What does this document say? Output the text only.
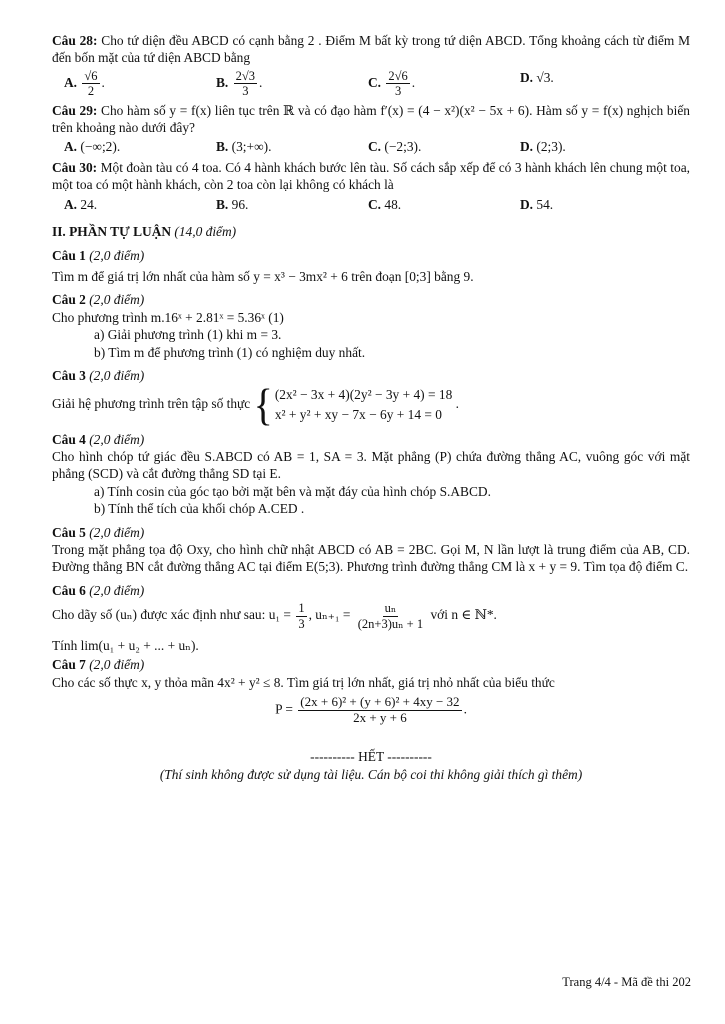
Câu 28: Cho tứ diện đều ABCD có cạnh bằng 2 . Điểm M bất kỳ trong tứ diện ABCD. Tổng khoảng cách từ điểm M đến bốn mặt của tứ diện ABCD bằng
A. $\frac{√6}{2}$ .	B. $\frac{2√3}{3}$ .	C. $\frac{2√6}{3}$ .	D. √3.
Câu 29: Cho hàm số y = f(x) liên tục trên ℝ và có đạo hàm f′(x) = (4 − x²)(x² − 5x + 6). Hàm số y = f(x) nghịch biến trên khoảng nào dưới đây?
A. (−∞;2).	B. (3;+∞).	C. (−2;3).	D. (2;3).
Câu 30: Một đoàn tàu có 4 toa. Có 4 hành khách bước lên tàu. Số cách sắp xếp để có 3 hành khách lên chung một toa, một toa có một hành khách, còn 2 toa còn lại không có khách là
A. 24.	B. 96.	C. 48.	D. 54.
II. PHẦN TỰ LUẬN (14,0 điểm)
Câu 1 (2,0 điểm)
Tìm m để giá trị lớn nhất của hàm số y = x³ − 3mx² + 6 trên đoạn [0;3] bằng 9.
Câu 2 (2,0 điểm)
Cho phương trình m.16ˣ + 2.81ˣ = 5.36ˣ (1)
a) Giải phương trình (1) khi m = 3.
b) Tìm m để phương trình (1) có nghiệm duy nhất.
Câu 3 (2,0 điểm)
Giải hệ phương trình trên tập số thực { (2x² − 3x + 4)(2y² − 3y + 4) = 18
x² + y² + xy − 7x − 6y + 14 = 0
.
Câu 4 (2,0 điểm)
Cho hình chóp tứ giác đều S.ABCD có AB = 1, SA = 3. Mặt phẳng (P) chứa đường thẳng AC, vuông góc với mặt phẳng (SCD) và cắt đường thẳng SD tại E.
a) Tính cosin của góc tạo bởi mặt bên và mặt đáy của hình chóp S.ABCD.
b) Tính thể tích của khối chóp A.CED .
Câu 5 (2,0 điểm)
Trong mặt phẳng tọa độ Oxy, cho hình chữ nhật ABCD có AB = 2BC. Gọi M, N lần lượt là trung điểm của AB, CD. Đường thẳng BN cắt đường thẳng AC tại điểm E(5;3). Phương trình đường thẳng CM là x + y = 9. Tìm tọa độ điểm C.
Câu 6 (2,0 điểm)
Cho dãy số (uₙ) được xác định như sau: $u_1 = \frac{1}{3}$ , $u_{n+1} = \frac{\text{uₙ}}{\text{(2n+3)uₙ + 1}}$ với n ∈ ℕ*.
Tính lim(u₁ + u₂ + ... + uₙ).
Câu 7 (2,0 điểm)
Cho các số thực x, y thỏa mãn 4x² + y² ≤ 8. Tìm giá trị lớn nhất, giá trị nhỏ nhất của biểu thức
$P = \frac{\text{(2x + 6)² + (y + 6)² + 4xy − 32}}{2x + y + 6}$ .
---------- HẾT ----------
(Thí sinh không được sử dụng tài liệu. Cán bộ coi thi không giải thích gì thêm)
Trang 4/4 - Mã đề thi 202
